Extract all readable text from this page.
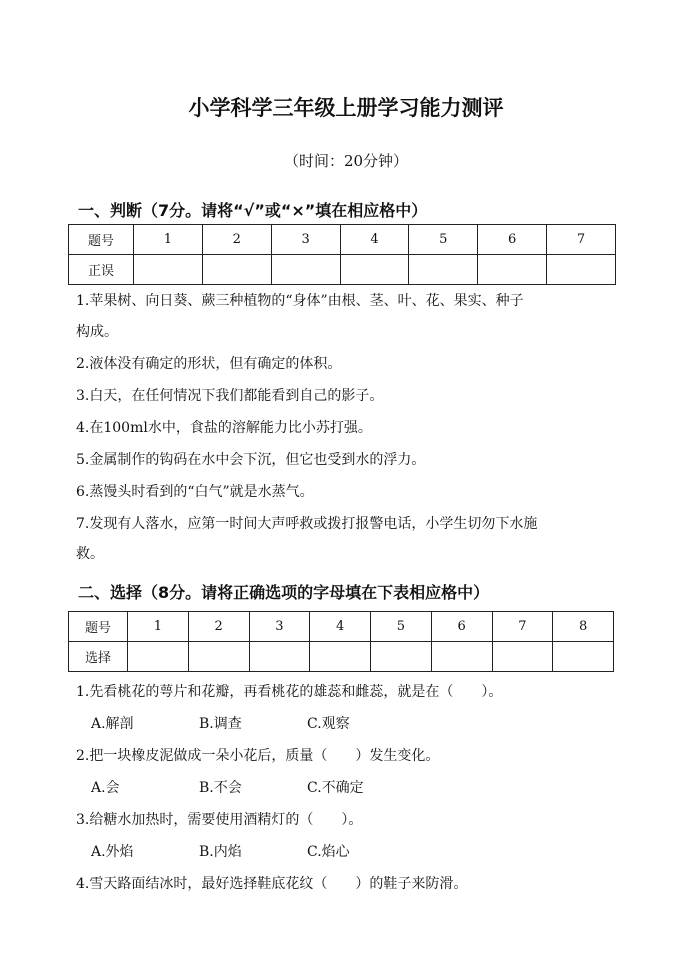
小学科学三年级上册学习能力测评
（时间：20分钟）
一、判断（7分。请将“√”或“×”填在相应格中）
题号	1	2	3	4	5	6	7
正误							
1.苹果树、向日葵、蕨三种植物的“身体”由根、茎、叶、花、果实、种子
构成。
2.液体没有确定的形状，但有确定的体积。
3.白天，在任何情况下我们都能看到自己的影子。
4.在100ml水中，食盐的溶解能力比小苏打强。
5.金属制作的钩码在水中会下沉，但它也受到水的浮力。
6.蒸馒头时看到的“白气”就是水蒸气。
7.发现有人落水，应第一时间大声呼救或拨打报警电话，小学生切勿下水施
救。
二、选择（8分。请将正确选项的字母填在下表相应格中）
题号	1	2	3	4	5	6	7	8
选择								
1.先看桃花的萼片和花瓣，再看桃花的雄蕊和雌蕊，就是在（　　）。
A.解剖	B.调查	C.观察
2.把一块橡皮泥做成一朵小花后，质量（　　）发生变化。
A.会	B.不会	C.不确定
3.给糖水加热时，需要使用酒精灯的（　　）。
A.外焰	B.内焰	C.焰心
4.雪天路面结冰时，最好选择鞋底花纹（　　）的鞋子来防滑。
